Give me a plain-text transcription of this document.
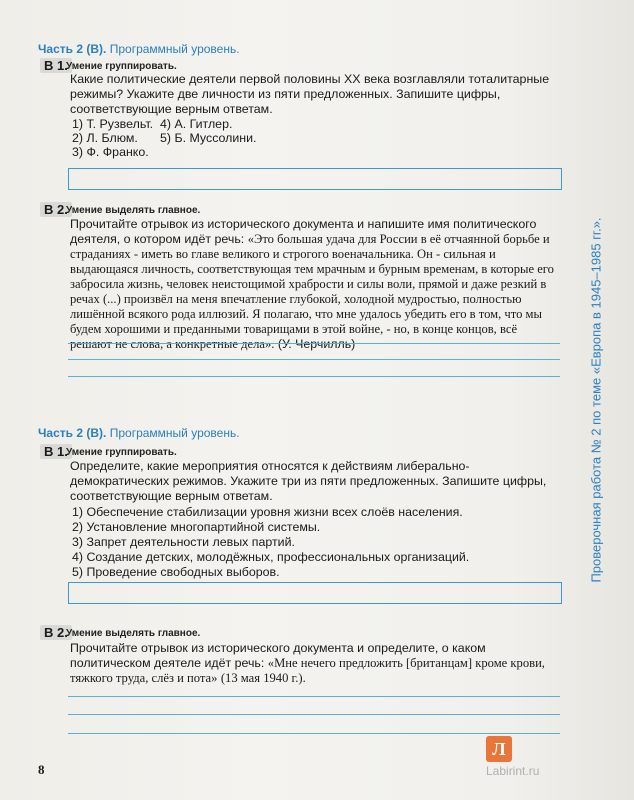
Часть 2 (В). Программный уровень.
В 1.
Умение группировать.
Какие политические деятели первой половины XX века возглавляли тоталитарные режимы? Укажите две личности из пяти предложенных. Запишите цифры, соответствующие верным ответам.
1) Т. Рузвельт. 4) А. Гитлер.
2) Л. Блюм. 5) Б. Муссолини.
3) Ф. Франко.
В 2.
Умение выделять главное.
Прочитайте отрывок из исторического документа и напишите имя политического деятеля, о котором идёт речь: «Это большая удача для России в её отчаянной борьбе и страданиях - иметь во главе великого и строгого военачальника. Он - сильная и выдающаяся личность, соответствующая тем мрачным и бурным временам, в которые его забросила жизнь, человек неистощимой храбрости и силы воли, прямой и даже резкий в речах (...) произвёл на меня впечатление глубокой, холодной мудростью, полностью лишённой всякого рода иллюзий. Я полагаю, что мне удалось убедить его в том, что мы будем хорошими и преданными товарищами в этой войне, - но, в конце концов, всё решают не слова, а конкретные дела». (У. Черчилль)
Часть 2 (В). Программный уровень.
В 1.
Умение группировать.
Определите, какие мероприятия относятся к действиям либерально-демократических режимов. Укажите три из пяти предложенных. Запишите цифры, соответствующие верным ответам.
1) Обеспечение стабилизации уровня жизни всех слоёв населения.
2) Установление многопартийной системы.
3) Запрет деятельности левых партий.
4) Создание детских, молодёжных, профессиональных организаций.
5) Проведение свободных выборов.
В 2.
Умение выделять главное.
Прочитайте отрывок из исторического документа и определите, о каком политическом деятеле идёт речь: «Мне нечего предложить [британцам] кроме крови, тяжкого труда, слёз и пота» (13 мая 1940 г.).
Проверочная работа № 2 по теме «Европа в 1945–1985 гг.».
8
Л
Labirint.ru
